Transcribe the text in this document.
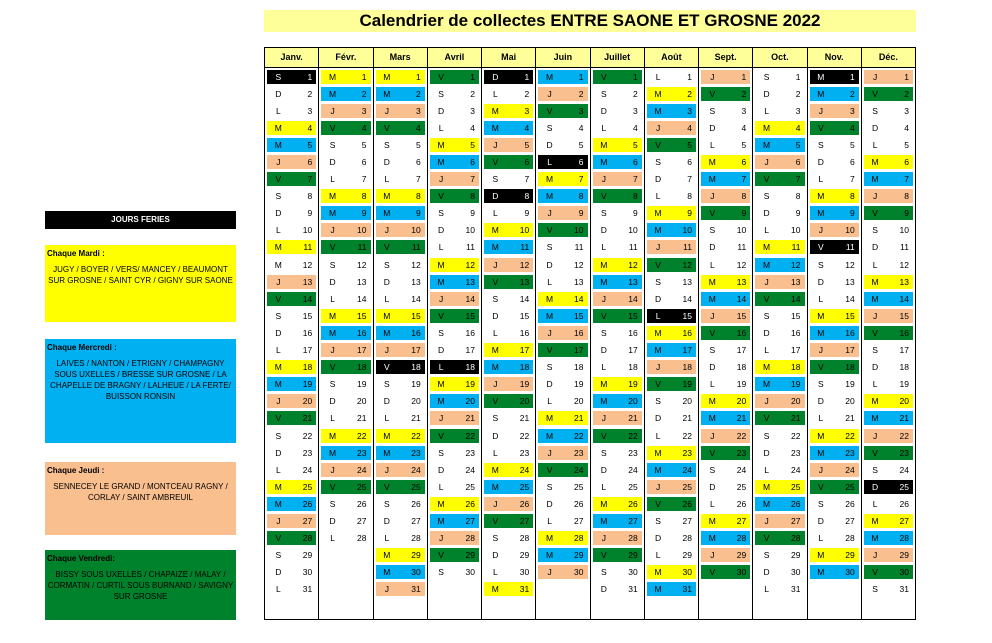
Calendrier de collectes ENTRE SAONE ET GROSNE 2022
Janv.
S	1
D	2
L	3
M	4
M	5
J	6
V	7
S	8
D	9
L	10
M	11
M	12
J	13
V	14
S	15
D	16
L	17
M	18
M	19
J	20
V	21
S	22
D	23
L	24
M	25
M	26
J	27
V	28
S	29
D	30
L	31
Févr.
M	1
M	2
J	3
V	4
S	5
D	6
L	7
M	8
M	9
J	10
V	11
S	12
D	13
L	14
M	15
M	16
J	17
V	18
S	19
D	20
L	21
M	22
M	23
J	24
V	25
S	26
D	27
L	28
Mars
M	1
M	2
J	3
V	4
S	5
D	6
L	7
M	8
M	9
J	10
V	11
S	12
D	13
L	14
M	15
M	16
J	17
V	18
S	19
D	20
L	21
M	22
M	23
J	24
V	25
S	26
D	27
L	28
M	29
M	30
J	31
Avril
V	1
S	2
D	3
L	4
M	5
M	6
J	7
V	8
S	9
D	10
L	11
M	12
M	13
J	14
V	15
S	16
D	17
L	18
M	19
M	20
J	21
V	22
S	23
D	24
L	25
M	26
M	27
J	28
V	29
S	30
Mai
D	1
L	2
M	3
M	4
J	5
V	6
S	7
D	8
L	9
M	10
M	11
J	12
V	13
S	14
D	15
L	16
M	17
M	18
J	19
V	20
S	21
D	22
L	23
M	24
M	25
J	26
V	27
S	28
D	29
L	30
M	31
Juin
M	1
J	2
V	3
S	4
D	5
L	6
M	7
M	8
J	9
V	10
S	11
D	12
L	13
M	14
M	15
J	16
V	17
S	18
D	19
L	20
M	21
M	22
J	23
V	24
S	25
D	26
L	27
M	28
M	29
J	30
Juillet
V	1
S	2
D	3
L	4
M	5
M	6
J	7
V	8
S	9
D	10
L	11
M	12
M	13
J	14
V	15
S	16
D	17
L	18
M	19
M	20
J	21
V	22
S	23
D	24
L	25
M	26
M	27
J	28
V	29
S	30
D	31
Août
L	1
M	2
M	3
J	4
V	5
S	6
D	7
L	8
M	9
M	10
J	11
V	12
S	13
D	14
L	15
M	16
M	17
J	18
V	19
S	20
D	21
L	22
M	23
M	24
J	25
V	26
S	27
D	28
L	29
M	30
M	31
Sept.
J	1
V	2
S	3
D	4
L	5
M	6
M	7
J	8
V	9
S	10
D	11
L	12
M	13
M	14
J	15
V	16
S	17
D	18
L	19
M	20
M	21
J	22
V	23
S	24
D	25
L	26
M	27
M	28
J	29
V	30
Oct.
S	1
D	2
L	3
M	4
M	5
J	6
V	7
S	8
D	9
L	10
M	11
M	12
J	13
V	14
S	15
D	16
L	17
M	18
M	19
J	20
V	21
S	22
D	23
L	24
M	25
M	26
J	27
V	28
S	29
D	30
L	31
Nov.
M	1
M	2
J	3
V	4
S	5
D	6
L	7
M	8
M	9
J	10
V	11
S	12
D	13
L	14
M	15
M	16
J	17
V	18
S	19
D	20
L	21
M	22
M	23
J	24
V	25
S	26
D	27
L	28
M	29
M	30
Déc.
J	1
V	2
S	3
D	4
L	5
M	6
M	7
J	8
V	9
S	10
D	11
L	12
M	13
M	14
J	15
V	16
S	17
D	18
L	19
M	20
M	21
J	22
V	23
S	24
D	25
L	26
M	27
M	28
J	29
V	30
S	31
JOURS FERIES
Chaque Mardi :
JUGY / BOYER / VERS/ MANCEY / BEAUMONT SUR GROSNE / SAINT CYR / GIGNY SUR SAONE
Chaque Mercredi :
LAIVES / NANTON / ETRIGNY / CHAMPAGNY SOUS UXELLES / BRESSE SUR GROSNE / LA CHAPELLE DE BRAGNY / LALHEUE / LA FERTE/ BUISSON RONSIN
Chaque Jeudi :
SENNECEY LE GRAND / MONTCEAU RAGNY / CORLAY / SAINT AMBREUIL
Chaque Vendredi:
BISSY SOUS UXELLES / CHAPAIZE / MALAY / CORMATIN / CURTIL SOUS BURNAND / SAVIGNY SUR GROSNE
